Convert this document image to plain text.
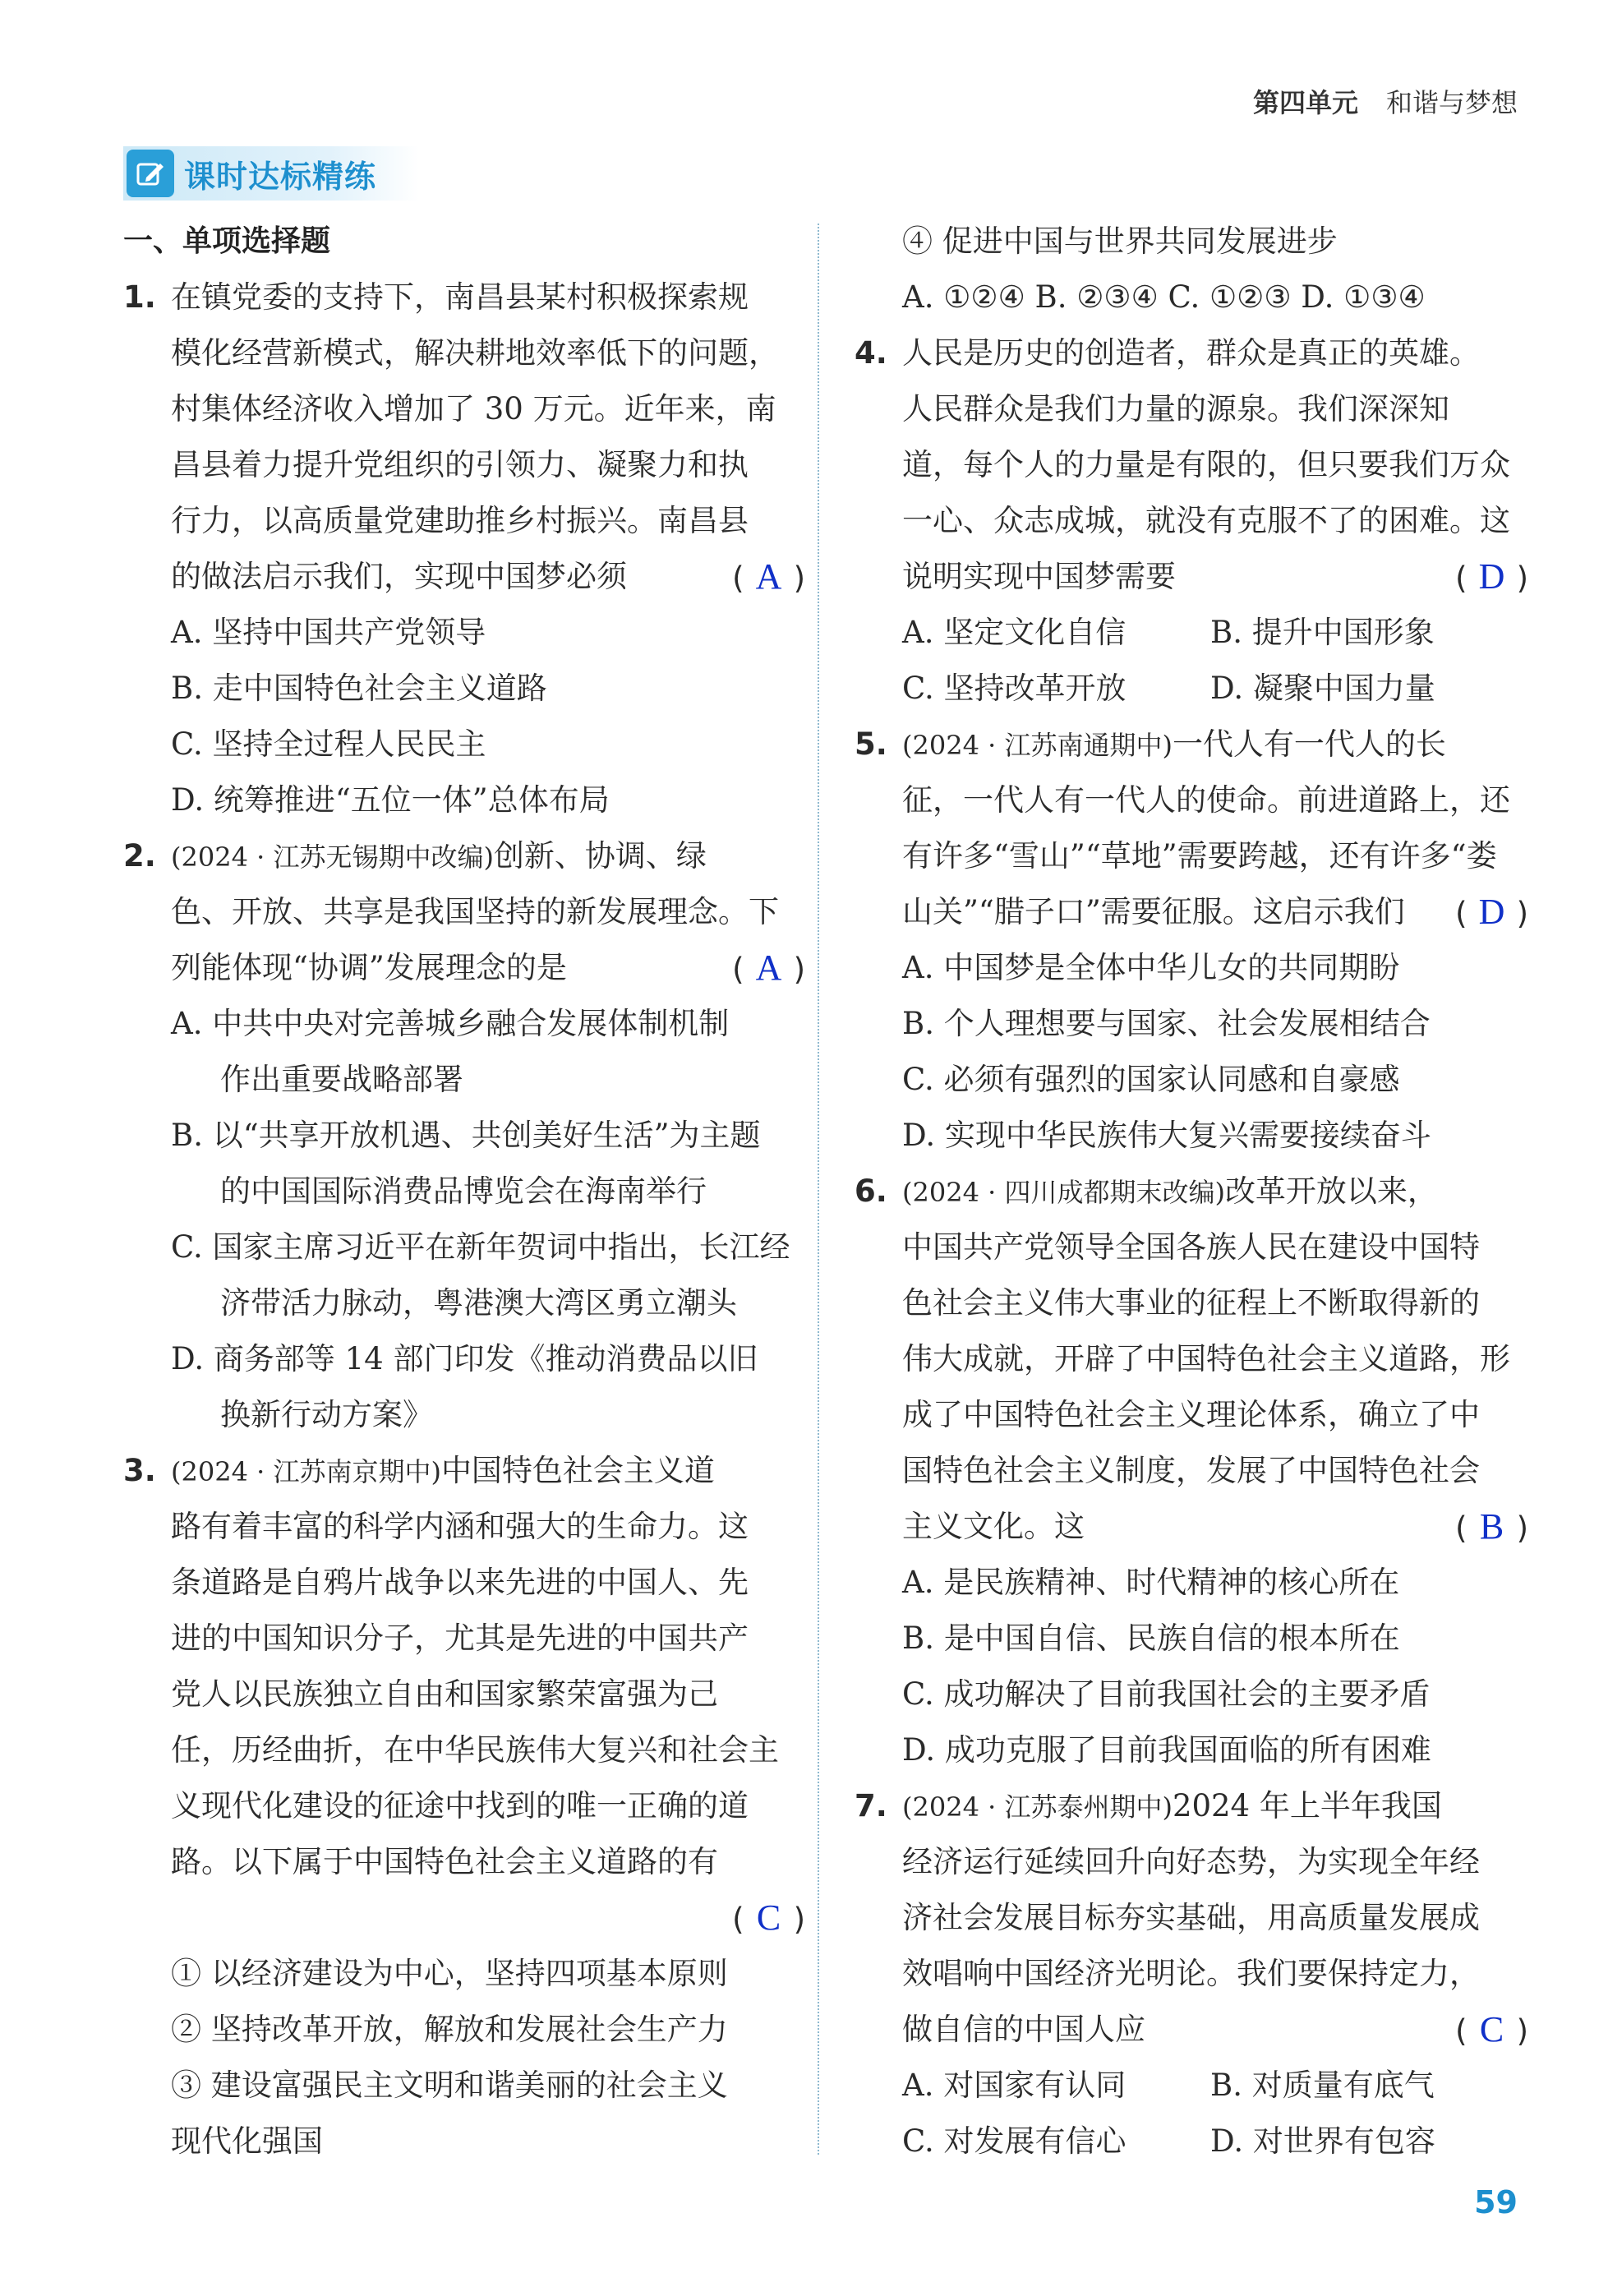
第四单元 和谐与梦想
课时达标精练
一、单项选择题
1. 在镇党委的支持下，南昌县某村积极探索规
模化经营新模式，解决耕地效率低下的问题，
村集体经济收入增加了 30 万元。近年来，南
昌县着力提升党组织的引领力、凝聚力和执
行力，以高质量党建助推乡村振兴。南昌县
的做法启示我们，实现中国梦必须	( A )
A. 坚持中国共产党领导
B. 走中国特色社会主义道路
C. 坚持全过程人民民主
D. 统筹推进“五位一体”总体布局
2. (2024 · 江苏无锡期中改编)创新、协调、绿
色、开放、共享是我国坚持的新发展理念。下
列能体现“协调”发展理念的是	( A )
A. 中共中央对完善城乡融合发展体制机制
作出重要战略部署
B. 以“共享开放机遇、共创美好生活”为主题
的中国国际消费品博览会在海南举行
C. 国家主席习近平在新年贺词中指出，长江经
济带活力脉动，粤港澳大湾区勇立潮头
D. 商务部等 14 部门印发《推动消费品以旧
换新行动方案》
3. (2024 · 江苏南京期中)中国特色社会主义道
路有着丰富的科学内涵和强大的生命力。这
条道路是自鸦片战争以来先进的中国人、先
进的中国知识分子，尤其是先进的中国共产
党人以民族独立自由和国家繁荣富强为己
任，历经曲折，在中华民族伟大复兴和社会主
义现代化建设的征途中找到的唯一正确的道
路。以下属于中国特色社会主义道路的有
( C )
① 以经济建设为中心，坚持四项基本原则
② 坚持改革开放，解放和发展社会生产力
③ 建设富强民主文明和谐美丽的社会主义
现代化强国
④ 促进中国与世界共同发展进步
A. ①②④ B. ②③④ C. ①②③ D. ①③④
4. 人民是历史的创造者，群众是真正的英雄。
人民群众是我们力量的源泉。我们深深知
道，每个人的力量是有限的，但只要我们万众
一心、众志成城，就没有克服不了的困难。这
说明实现中国梦需要	( D )
A. 坚定文化自信	B. 提升中国形象
C. 坚持改革开放	D. 凝聚中国力量
5. (2024 · 江苏南通期中)一代人有一代人的长
征，一代人有一代人的使命。前进道路上，还
有许多“雪山”“草地”需要跨越，还有许多“娄
山关”“腊子口”需要征服。这启示我们 ( D )
A. 中国梦是全体中华儿女的共同期盼
B. 个人理想要与国家、社会发展相结合
C. 必须有强烈的国家认同感和自豪感
D. 实现中华民族伟大复兴需要接续奋斗
6. (2024 · 四川成都期末改编)改革开放以来，
中国共产党领导全国各族人民在建设中国特
色社会主义伟大事业的征程上不断取得新的
伟大成就，开辟了中国特色社会主义道路，形
成了中国特色社会主义理论体系，确立了中
国特色社会主义制度，发展了中国特色社会
主义文化。这	( B )
A. 是民族精神、时代精神的核心所在
B. 是中国自信、民族自信的根本所在
C. 成功解决了目前我国社会的主要矛盾
D. 成功克服了目前我国面临的所有困难
7. (2024 · 江苏泰州期中)2024 年上半年我国
经济运行延续回升向好态势，为实现全年经
济社会发展目标夯实基础，用高质量发展成
效唱响中国经济光明论。我们要保持定力，
做自信的中国人应	( C )
A. 对国家有认同	B. 对质量有底气
C. 对发展有信心	D. 对世界有包容
59
